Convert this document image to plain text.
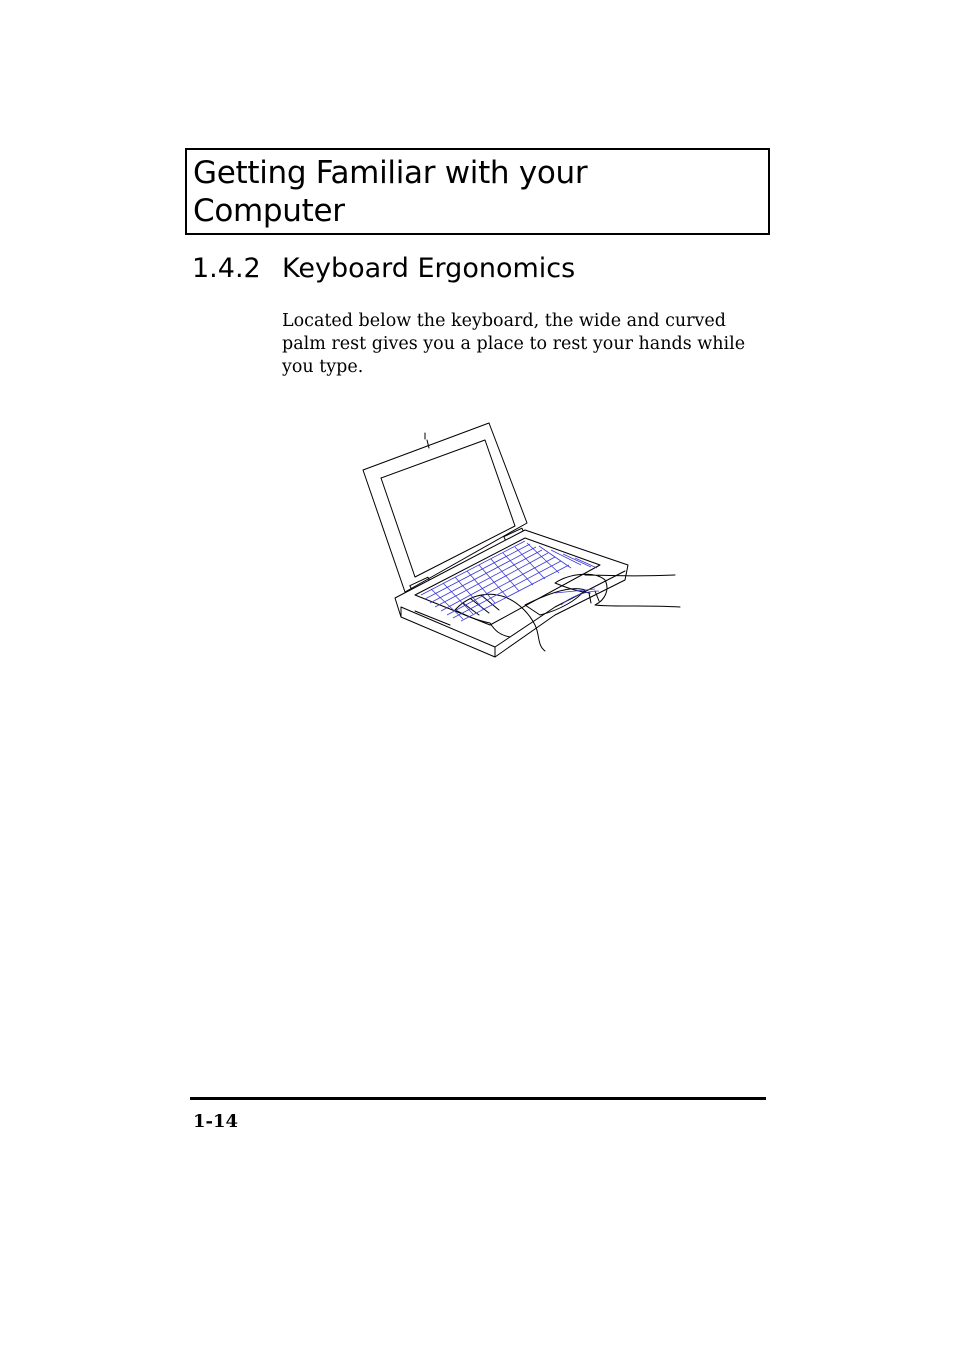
Getting Familiar with your Computer
1.4.2 Keyboard Ergonomics

Located below the keyboard, the wide and curved palm rest gives you a place to rest your hands while you type.

1-14
